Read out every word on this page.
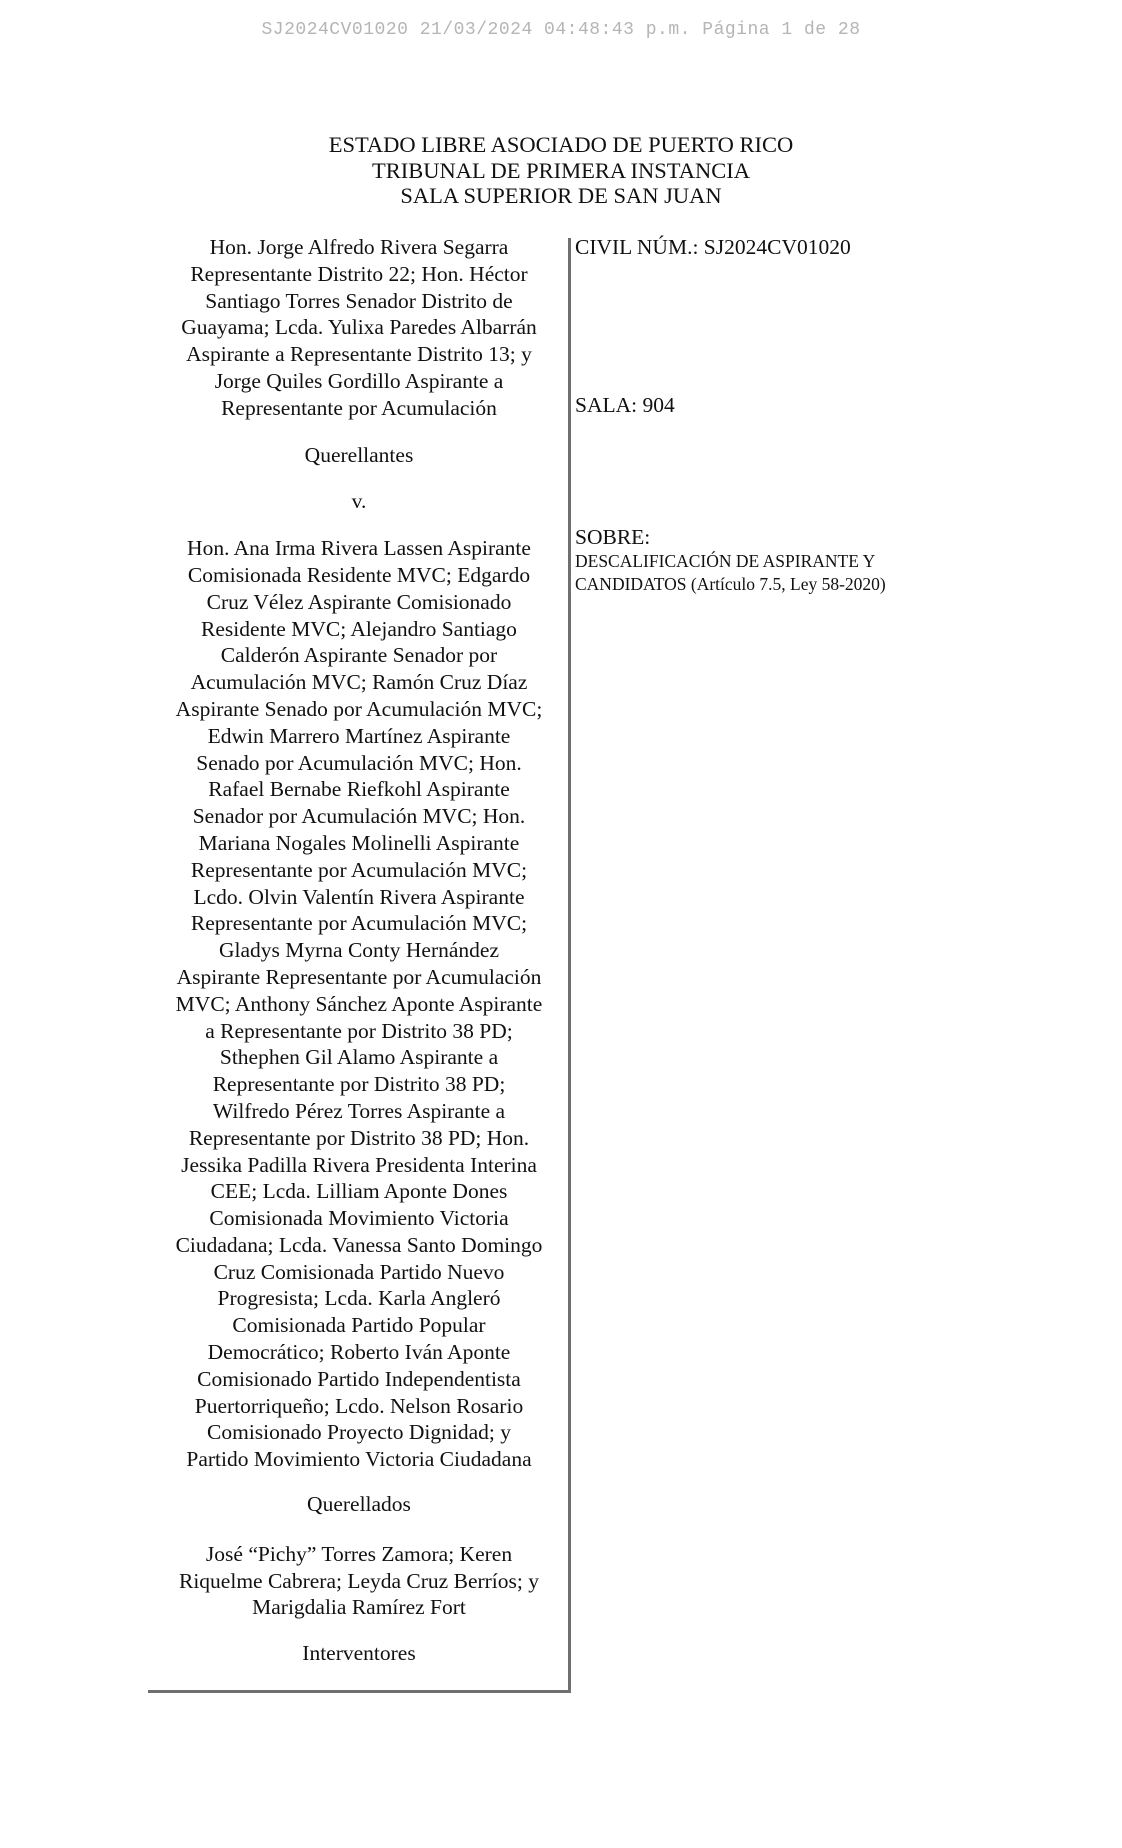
SJ2024CV01020 21/03/2024 04:48:43 p.m. Página 1 de 28
ESTADO LIBRE ASOCIADO DE PUERTO RICO
TRIBUNAL DE PRIMERA INSTANCIA
SALA SUPERIOR DE SAN JUAN
Hon. Jorge Alfredo Rivera Segarra
Representante Distrito 22; Hon. Héctor
Santiago Torres Senador Distrito de
Guayama; Lcda. Yulixa Paredes Albarrán
Aspirante a Representante Distrito 13; y
Jorge Quiles Gordillo Aspirante a
Representante por Acumulación
Querellantes
v.
Hon. Ana Irma Rivera Lassen Aspirante
Comisionada Residente MVC; Edgardo
Cruz Vélez Aspirante Comisionado
Residente MVC; Alejandro Santiago
Calderón Aspirante Senador por
Acumulación MVC; Ramón Cruz Díaz
Aspirante Senado por Acumulación MVC;
Edwin Marrero Martínez Aspirante
Senado por Acumulación MVC; Hon.
Rafael Bernabe Riefkohl Aspirante
Senador por Acumulación MVC; Hon.
Mariana Nogales Molinelli Aspirante
Representante por Acumulación MVC;
Lcdo. Olvin Valentín Rivera Aspirante
Representante por Acumulación MVC;
Gladys Myrna Conty Hernández
Aspirante Representante por Acumulación
MVC; Anthony Sánchez Aponte Aspirante
a Representante por Distrito 38 PD;
Sthephen Gil Alamo Aspirante a
Representante por Distrito 38 PD;
Wilfredo Pérez Torres Aspirante a
Representante por Distrito 38 PD; Hon.
Jessika Padilla Rivera Presidenta Interina
CEE; Lcda. Lilliam Aponte Dones
Comisionada Movimiento Victoria
Ciudadana; Lcda. Vanessa Santo Domingo
Cruz Comisionada Partido Nuevo
Progresista; Lcda. Karla Angleró
Comisionada Partido Popular
Democrático; Roberto Iván Aponte
Comisionado Partido Independentista
Puertorriqueño; Lcdo. Nelson Rosario
Comisionado Proyecto Dignidad; y
Partido Movimiento Victoria Ciudadana
Querellados
José “Pichy” Torres Zamora; Keren
Riquelme Cabrera; Leyda Cruz Berríos; y
Marigdalia Ramírez Fort
Interventores
CIVIL NÚM.: SJ2024CV01020
SALA: 904
SOBRE:
DESCALIFICACIÓN DE ASPIRANTE Y
CANDIDATOS (Artículo 7.5, Ley 58-2020)
